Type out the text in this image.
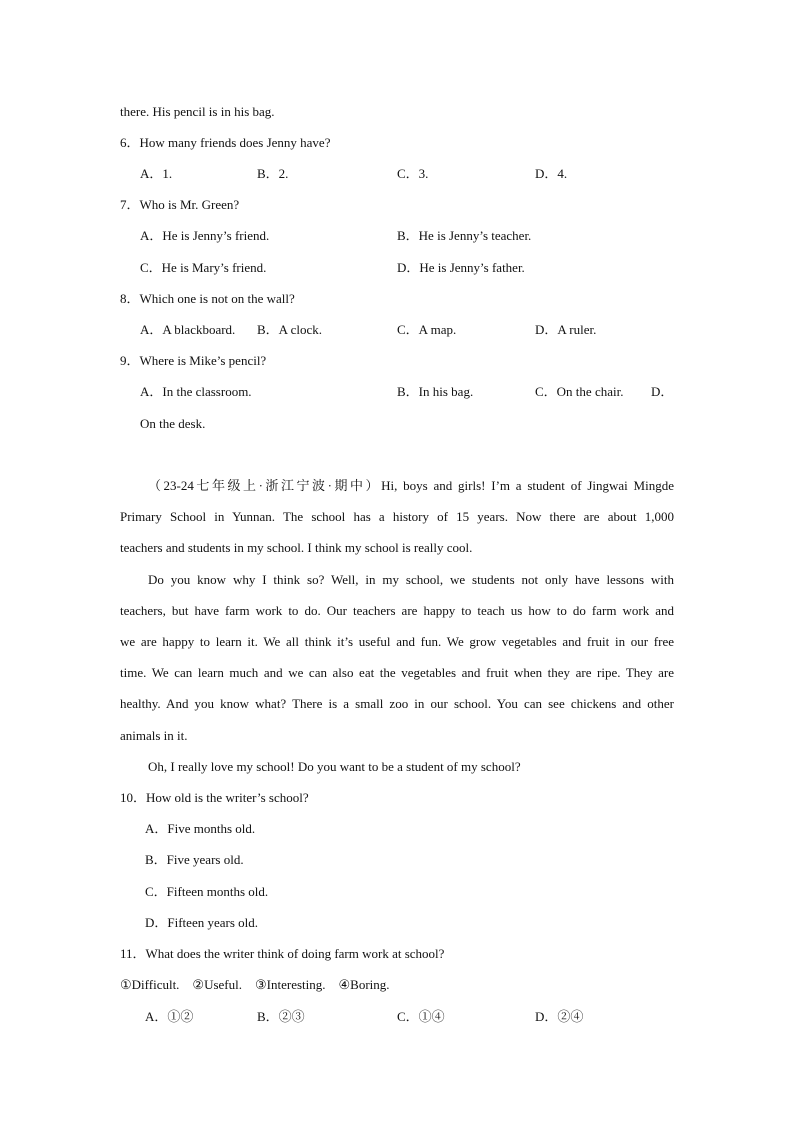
there. His pencil is in his bag.
6．How many friends does Jenny have?
A．1.	B．2.	C．3.	D．4.
7．Who is Mr. Green?
A．He is Jenny’s friend.	B．He is Jenny’s teacher.
C．He is Mary’s friend.	D．He is Jenny’s father.
8．Which one is not on the wall?
A．A blackboard. B．A clock.	C．A map.	D．A ruler.
9．Where is Mike’s pencil?
A．In the classroom.	B．In his bag.	C．On the chair. D．
On the desk.
（23-24七年级上·浙江宁波·期中）Hi, boys and girls! I’m a student of Jingwai Mingde
Primary School in Yunnan. The school has a history of 15 years. Now there are about 1,000
teachers and students in my school. I think my school is really cool.
Do you know why I think so? Well, in my school, we students not only have lessons with
teachers, but have farm work to do. Our teachers are happy to teach us how to do farm work and
we are happy to learn it. We all think it’s useful and fun. We grow vegetables and fruit in our free
time. We can learn much and we can also eat the vegetables and fruit when they are ripe. They are
healthy. And you know what? There is a small zoo in our school. You can see chickens and other
animals in it.
Oh, I really love my school! Do you want to be a student of my school?
10．How old is the writer’s school?
A．Five months old.
B．Five years old.
C．Fifteen months old.
D．Fifteen years old.
11．What does the writer think of doing farm work at school?
①Difficult.　②Useful.　③Interesting.　④Boring.
A．①②	B．②③	C．①④	D．②④
